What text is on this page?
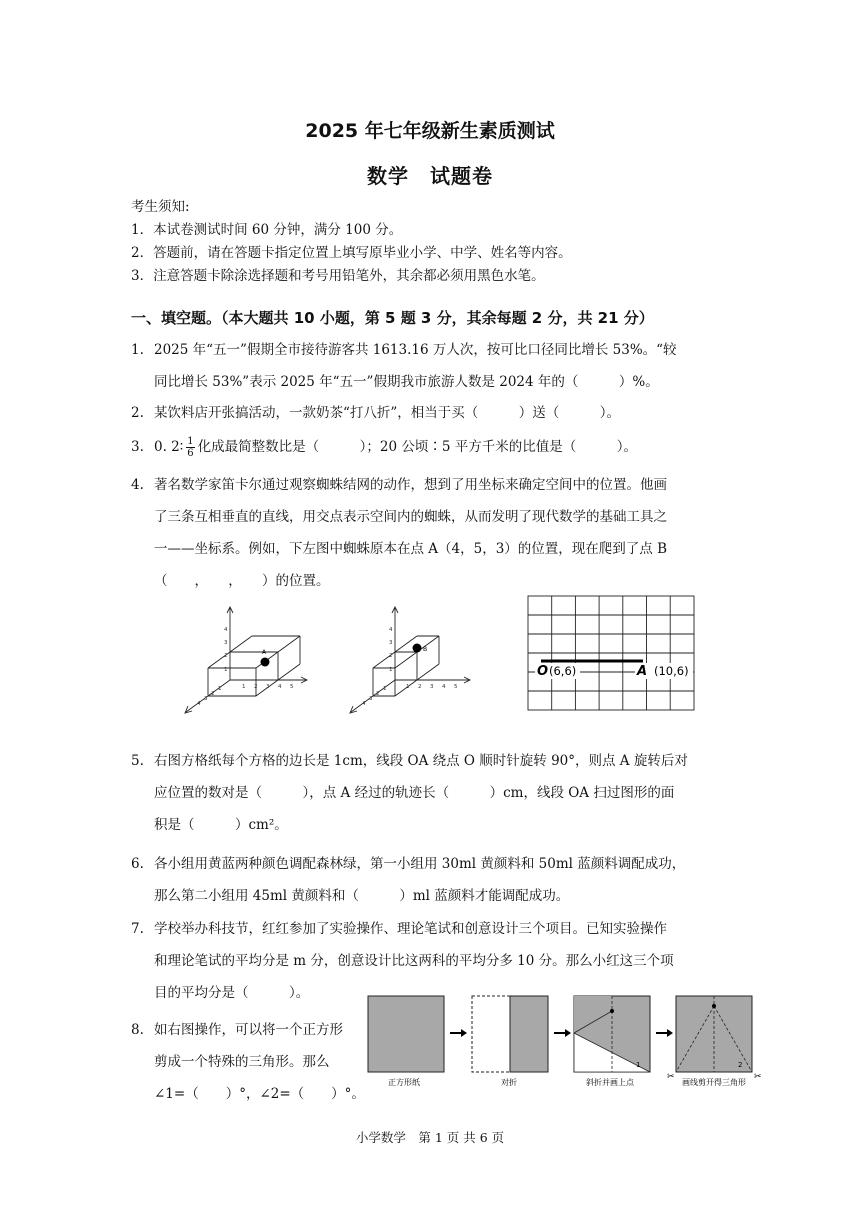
2025 年七年级新生素质测试
数学　试题卷
考生须知:
1．本试卷测试时间 60 分钟，满分 100 分。
2．答题前，请在答题卡指定位置上填写原毕业小学、中学、姓名等内容。
3．注意答题卡除涂选择题和考号用铅笔外，其余都必须用黑色水笔。
一、填空题。（本大题共 10 小题，第 5 题 3 分，其余每题 2 分，共 21 分）
1. 2025 年“五一”假期全市接待游客共 1613.16 万人次，按可比口径同比增长 53%。“较
同比增长 53%”表示 2025 年“五一”假期我市旅游人数是 2024 年的（　　　）%。
2. 某饮料店开张搞活动，一款奶茶“打八折”，相当于买（　　　）送（　　　）。
3. 0. 2∶ $\frac{1}{6}$ 化成最简整数比是（　　　）；20 公顷∶5 平方千米的比值是（　　　）。
4. 著名数学家笛卡尔通过观察蜘蛛结网的动作，想到了用坐标来确定空间中的位置。他画
了三条互相垂直的直线，用交点表示空间内的蜘蛛，从而发明了现代数学的基础工具之
一——坐标系。例如，下左图中蜘蛛原本在点 A（4，5，3）的位置，现在爬到了点 B
（　　，　　，　　）的位置。
A
1
2
3
4
1 2 3 4 5
1
2
3
4
B
1
2
3
4
1 2 3 4 5
1
2
3
4
O (6,6)	A (10,6)
5. 右图方格纸每个方格的边长是 1cm，线段 OA 绕点 O 顺时针旋转 90°，则点 A 旋转后对
应位置的数对是（　　　），点 A 经过的轨迹长（　　　）cm，线段 OA 扫过图形的面
积是（　　　）cm²。
6. 各小组用黄蓝两种颜色调配森林绿，第一小组用 30ml 黄颜料和 50ml 蓝颜料调配成功，
那么第二小组用 45ml 黄颜料和（　　　）ml 蓝颜料才能调配成功。
7. 学校举办科技节，红红参加了实验操作、理论笔试和创意设计三个项目。已知实验操作
和理论笔试的平均分是 m 分，创意设计比这两科的平均分多 10 分。那么小红这三个项
目的平均分是（　　　）。
8. 如右图操作，可以将一个正方形
剪成一个特殊的三角形。那么
∠1=（　　）°，∠2=（　　）°。
正方形纸	对折
1
斜折并画上点
2
✂	✂
画线剪开得三角形
小学数学　第 1 页 共 6 页
